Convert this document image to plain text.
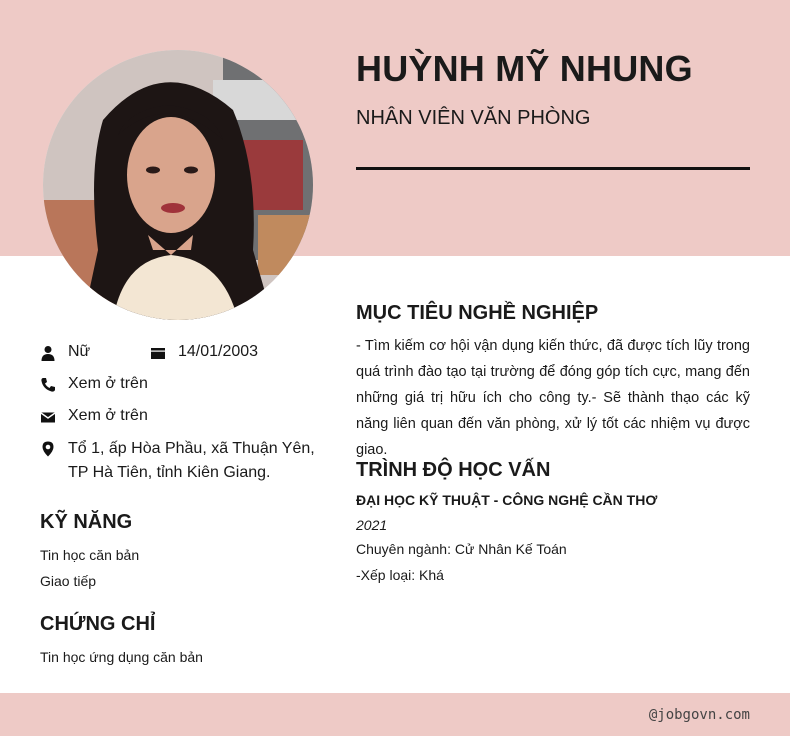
HUỲNH MỸ NHUNG

NHÂN VIÊN VĂN PHÒNG

Nữ	14/01/2003
Xem ở trên
Xem ở trên
Tổ 1, ấp Hòa Phầu, xã Thuận Yên,
TP Hà Tiên, tỉnh Kiên Giang.
KỸ NĂNG

Tin học căn bản

Giao tiếp

CHỨNG CHỈ

Tin học ứng dụng căn bản

MỤC TIÊU NGHỀ NGHIỆP

- Tìm kiếm cơ hội vận dụng kiến thức, đã được tích lũy trong quá trình đào tạo tại trường để đóng góp tích cực, mang đến những giá trị hữu ích cho công ty.- Sẽ thành thạo các kỹ năng liên quan đến văn phòng, xử lý tốt các nhiệm vụ được giao.

TRÌNH ĐỘ HỌC VẤN

ĐẠI HỌC KỸ THUẬT - CÔNG NGHỆ CẦN THƠ

2021

Chuyên ngành: Cử Nhân Kế Toán

-Xếp loại: Khá

@jobgovn.com
